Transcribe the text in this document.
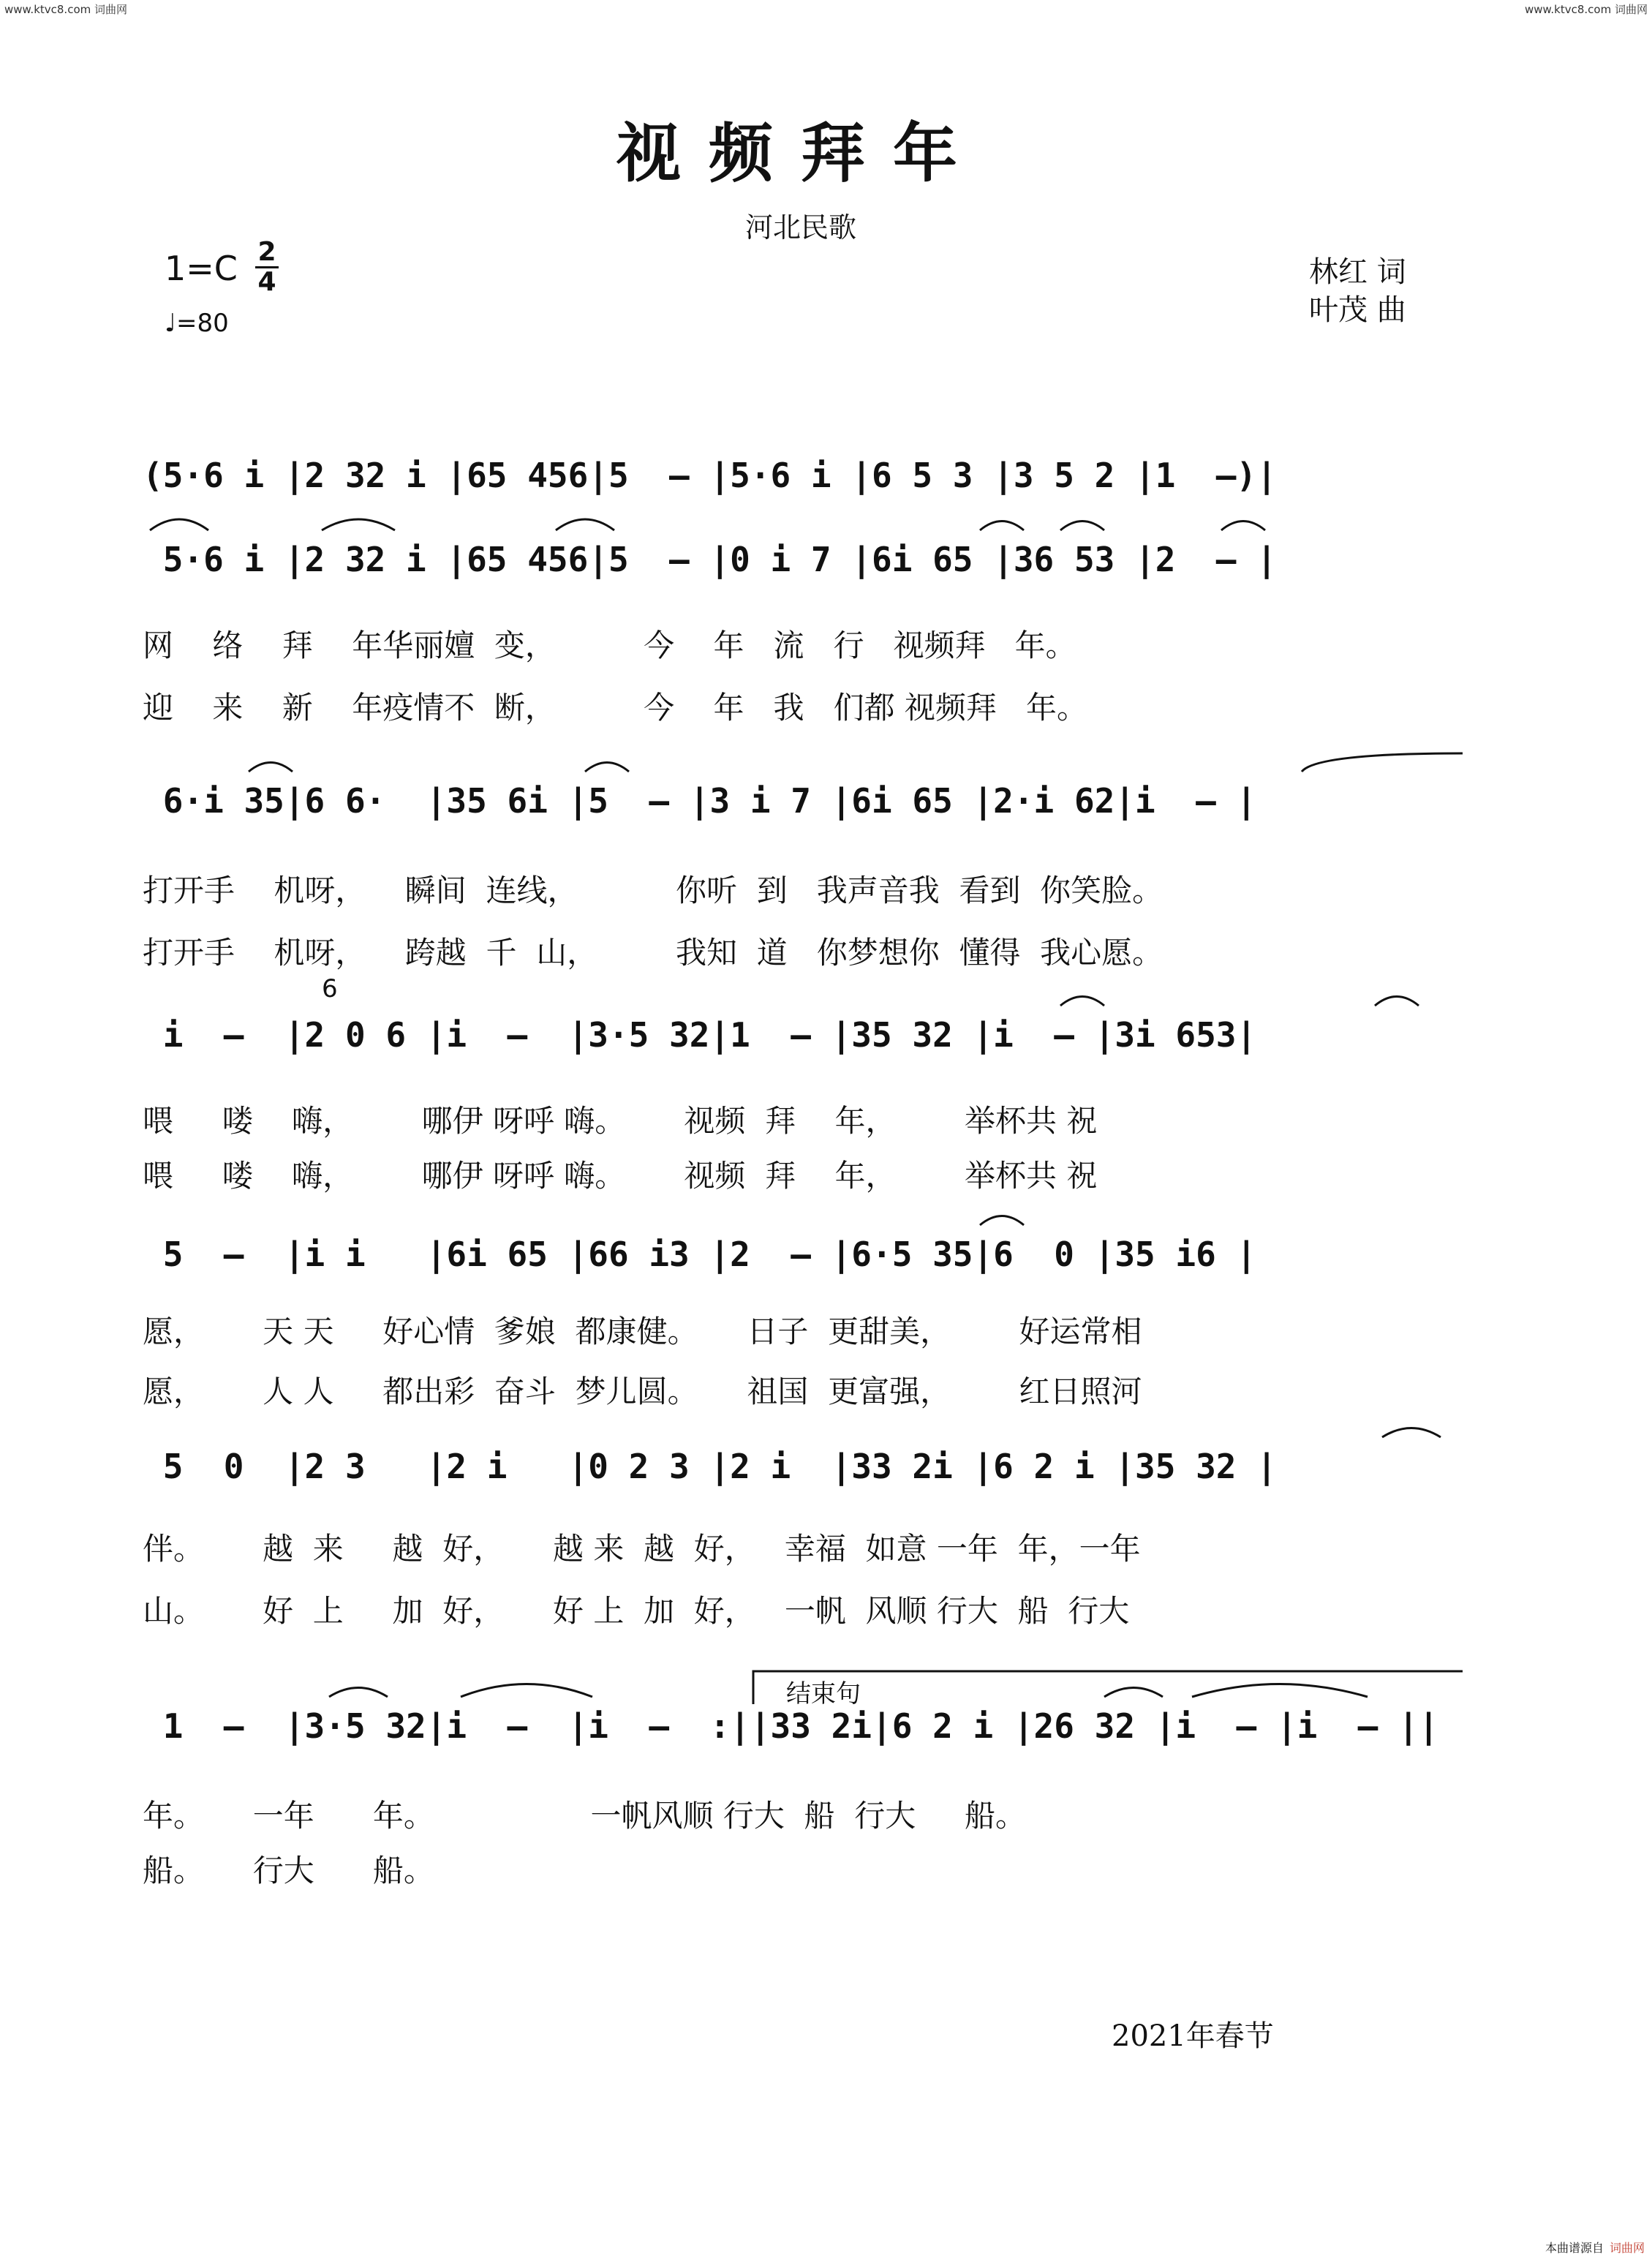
www.ktvc8.com 词曲网	www.ktvc8.com 词曲网
视频拜年
河北民歌
1=C 2
4
♩=80
林红 词
叶茂 曲
(5·6 i |2 32 i |65 456|5  – |5·6 i |6 5 3 |3 5 2 |1  –)|
5·6 i |2 32 i |65 456|5  – |0 i 7 |6i 65 |36 53 |2  – |
网    络    拜    年华丽嬗  变，         今    年   流   行   视频拜   年。
迎    来    新    年疫情不  断，         今    年   我   们都 视频拜   年。
6·i 35|6 6·  |35 6i |5  – |3 i 7 |6i 65 |2·i 62|i  – |
打开手    机呀，    瞬间  连线，          你听  到   我声音我  看到  你笑脸。
打开手    机呀，    跨越  千  山，        我知  道   你梦想你  懂得  我心愿。
i  –  |2 0 6 |i  –  |3·5 32|1  – |35 32 |i  – |3i 653|
6
喂     喽    嗨，       哪伊 呀呼 嗨。      视频  拜    年，       举杯共 祝
喂     喽    嗨，       哪伊 呀呼 嗨。      视频  拜    年，       举杯共 祝
5  –  |i i   |6i 65 |66 i3 |2  – |6·5 35|6  0 |35 i6 |
愿，      天 天     好心情  爹娘  都康健。     日子  更甜美，       好运常相
愿，      人 人     都出彩  奋斗  梦儿圆。     祖国  更富强，       红日照河
5  0  |2 3   |2 i   |0 2 3 |2 i  |33 2i |6 2 i |35 32 |
伴。      越  来     越  好，     越 来  越  好，   幸福  如意 一年  年，一年
山。      好  上     加  好，     好 上  加  好，   一帆  风顺 行大  船  行大
结束句
1  –  |3·5 32|i  –  |i  –  :||33 2i|6 2 i |26 32 |i  – |i  – ||
年。     一年      年。                一帆风顺 行大  船  行大     船。
船。     行大      船。
2021年春节
本曲谱源自 词曲网
